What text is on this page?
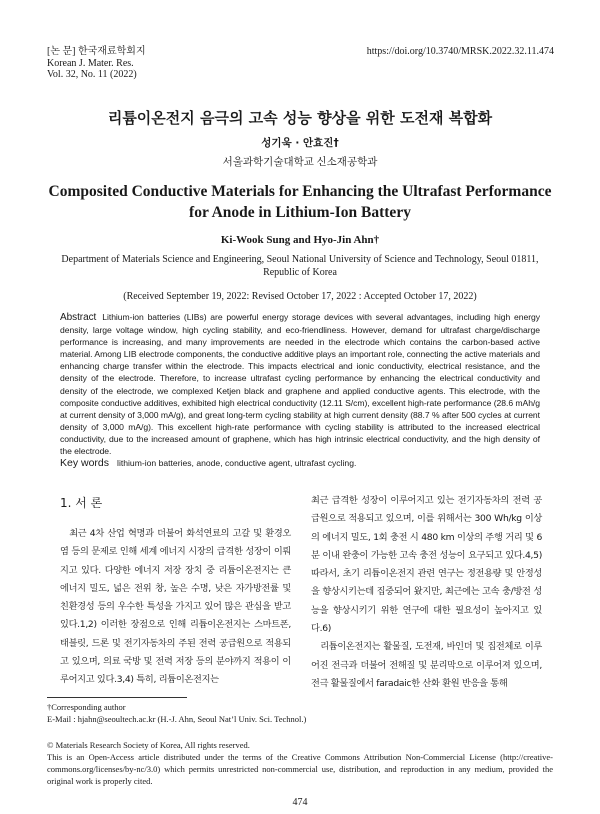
[논 문] 한국재료학회지
Korean J. Mater. Res.
Vol. 32, No. 11 (2022)
https://doi.org/10.3740/MRSK.2022.32.11.474
리튬이온전지 음극의 고속 성능 향상을 위한 도전재 복합화
성기욱 · 안효진†
서울과학기술대학교 신소재공학과
Composited Conductive Materials for Enhancing the Ultrafast Performance for Anode in Lithium-Ion Battery
Ki-Wook Sung and Hyo-Jin Ahn†
Department of Materials Science and Engineering, Seoul National University of Science and Technology, Seoul 01811, Republic of Korea
(Received September 19, 2022: Revised October 17, 2022 : Accepted October 17, 2022)
Abstract Lithium-ion batteries (LIBs) are powerful energy storage devices with several advantages, including high energy density, large voltage window, high cycling stability, and eco-friendliness. However, demand for ultrafast charge/discharge performance is increasing, and many improvements are needed in the electrode which contains the carbon-based active material. Among LIB electrode components, the conductive additive plays an important role, connecting the active materials and enhancing charge transfer within the electrode. This impacts electrical and ionic conductivity, electrical resistance, and the density of the electrode. Therefore, to increase ultrafast cycling performance by enhancing the electrical conductivity and density of the electrode, we complexed Ketjen black and graphene and applied conductive agents. This electrode, with the composite conductive additives, exhibited high electrical conductivity (12.11 S/cm), excellent high-rate performance (28.6 mAh/g at current density of 3,000 mA/g), and great long-term cycling stability at high current density (88.7 % after 500 cycles at current density of 3,000 mA/g). This excellent high-rate performance with cycling stability is attributed to the increased electrical conductivity, due to the increased amount of graphene, which has high intrinsic electrical conductivity, and the high density of the electrode.
Key words lithium-ion batteries, anode, conductive agent, ultrafast cycling.
1. 서 론

최근 4차 산업 혁명과 더불어 화석연료의 고갈 및 환경오염 등의 문제로 인해 세계 에너지 시장의 급격한 성장이 이뤄지고 있다. 다양한 에너지 저장 장치 중 리튬이온전지는 큰 에너지 밀도, 넓은 전위 창, 높은 수명, 낮은 자가방전률 및 친환경성 등의 우수한 특성을 가지고 있어 많은 관심을 받고 있다.1,2) 이러한 장점으로 인해 리튬이온전지는 스마트폰, 태블릿, 드론 및 전기자동차의 주된 전력 공급원으로 적용되고 있으며, 의료 국방 및 전력 저장 등의 분야까지 적용이 이루어지고 있다.3,4) 특히, 리튬이온전지는

최근 급격한 성장이 이루어지고 있는 전기자동차의 전력 공급원으로 적용되고 있으며, 이를 위해서는 300 Wh/kg 이상의 에너지 밀도, 1회 충전 시 480 km 이상의 주행 거리 및 6분 이내 완충이 가능한 고속 충전 성능이 요구되고 있다.4,5) 따라서, 초기 리튬이온전지 관련 연구는 정전용량 및 안정성을 향상시키는데 집중되어 왔지만, 최근에는 고속 충/방전 성능을 향상시키기 위한 연구에 대한 필요성이 높아지고 있다.6)

리튬이온전지는 활물질, 도전재, 바인더 및 집전체로 이루어진 전극과 더불어 전해질 및 분리막으로 이루어져 있으며, 전극 활물질에서 faradaic한 산화 환원 반응을 통해

†Corresponding author
E-Mail : hjahn@seoultech.ac.kr (H.-J. Ahn, Seoul Nat’l Univ. Sci. Technol.)
© Materials Research Society of Korea, All rights reserved.
This is an Open-Access article distributed under the terms of the Creative Commons Attribution Non-Commercial License (http://creative-commons.org/licenses/by-nc/3.0) which permits unrestricted non-commercial use, distribution, and reproduction in any medium, provided the original work is properly cited.
474
